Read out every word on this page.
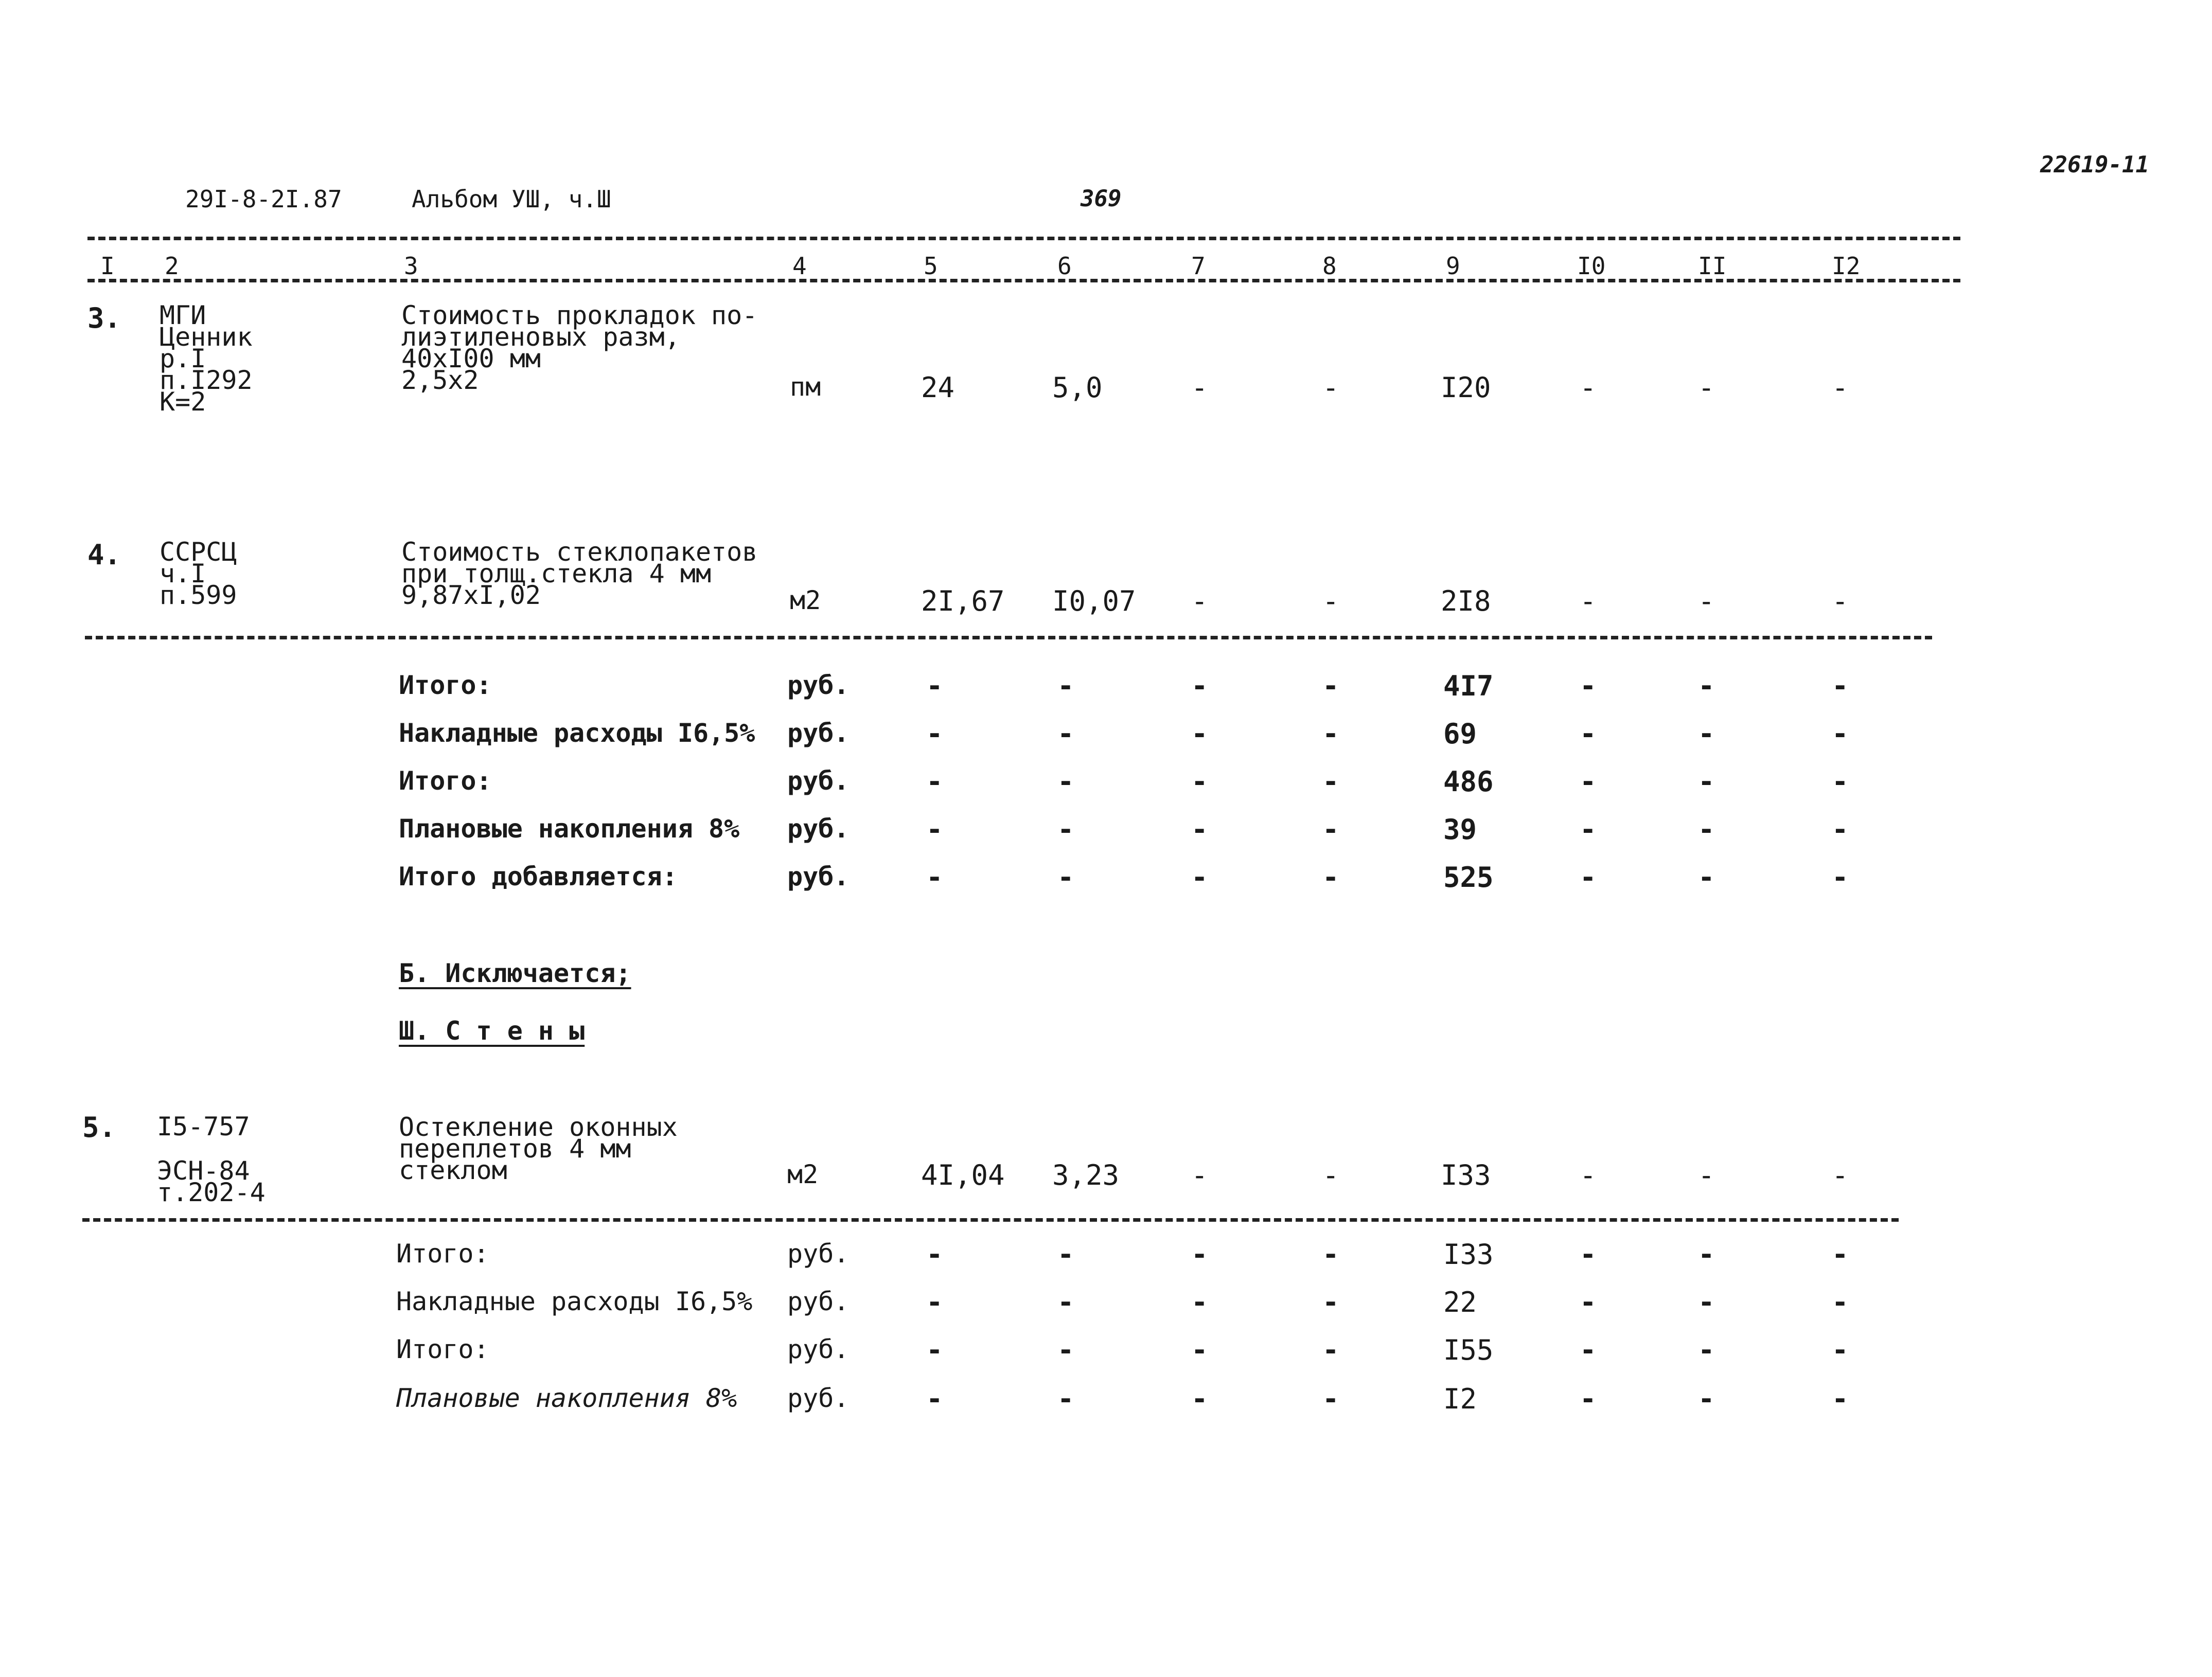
29I-8-2I.87	Альбом УШ, ч.Ш	369
22619-11
I 2	3	4	5	6	7	8	9	I0	II	I2
3. МГИ
Ценник
р.I
п.I292
К=2
Стоимость прокладок по-
лиэтиленовых разм,
40хI00 мм
2,5х2	пм	24	5,0	-	-	I20	-	-	-
4. ССРСЦ
ч.I
п.599
Стоимость стеклопакетов
при толщ.стекла 4 мм
9,87хI,02	м2	2I,67 I0,07 -	-	2I8	-	-	-
Итого:	руб.	-	-	-	-	4I7	-	-	-
Накладные расходы I6,5% руб.	-	-	-	-	69	-	-	-
Итого:	руб.	-	-	-	-	486	-	-	-
Плановые накопления 8% руб.	-	-	-	-	39	-	-	-
Итого добавляется:	руб.	-	-	-	-	525	-	-	-
Б. Исключается;
Ш. С т е н ы
5. I5-757
ЭСН-84
т.202-4
Остекление оконных
переплетов 4 мм
стеклом	м2	4I,04 3,23	-	-	I33	-	-	-
Итого:	руб.	-	-	-	-	I33	-	-	-
Накладные расходы I6,5% руб.	-	-	-	-	22	-	-	-
Итого:	руб.	-	-	-	-	I55	-	-	-
Плановые накопления 8% руб.	-	-	-	-	I2	-	-	-
